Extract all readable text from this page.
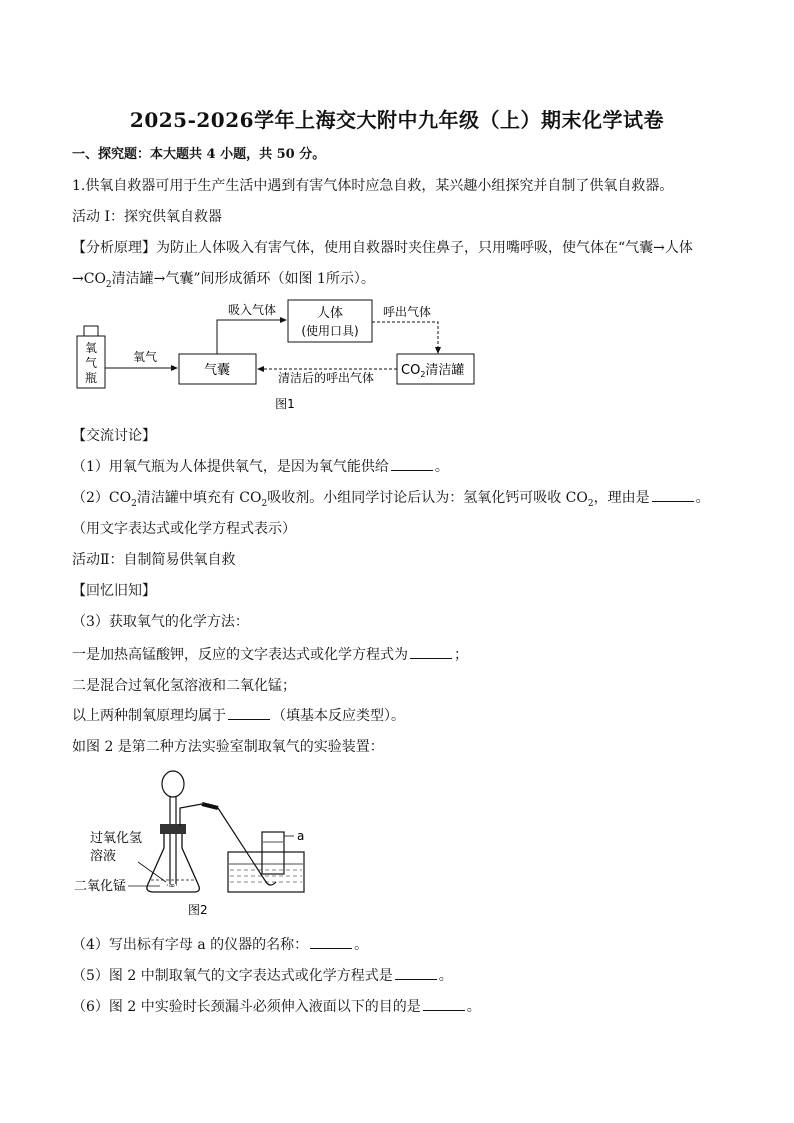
2025-2026学年上海交大附中九年级（上）期末化学试卷
一、探究题：本大题共 4 小题，共 50 分。
1.供氧自救器可用于生产生活中遇到有害气体时应急自救，某兴趣小组探究并自制了供氧自救器。
活动 I：探究供氧自救器
【分析原理】为防止人体吸入有害气体，使用自救器时夹住鼻子，只用嘴呼吸，使气体在“气囊→人体
$\to CO_2$清洁罐→气囊”间形成循环（如图 1所示）。
氧
气
瓶
氧气
气囊
吸入气体	人体
(使用口具)
呼出气体
$CO_2$清洁罐
清洁后的呼出气体
图1
【交流讨论】
（1）用氧气瓶为人体提供氧气，是因为氧气能供给	。
$(2)CO_2$清洁罐中填充有 $CO_2$吸收剂。小组同学讨论后认为：氢氧化钙可吸收 $CO_2$，理由是	。
（用文字表达式或化学方程式表示）
活动Ⅱ：自制简易供氧自救
【回忆旧知】
（3）获取氧气的化学方法：
一是加热高锰酸钾，反应的文字表达式或化学方程式为	；
二是混合过氧化氢溶液和二氧化锰；
以上两种制氧原理均属于	（填基本反应类型）。
如图 2 是第二种方法实验室制取氧气的实验装置：
·∞·
a
过氧化氢
溶液
二氧化锰
图2
（4）写出标有字母 a 的仪器的名称：	。
（5）图 2 中制取氧气的文字表达式或化学方程式是	。
（6）图 2 中实验时长颈漏斗必须伸入液面以下的目的是	。
